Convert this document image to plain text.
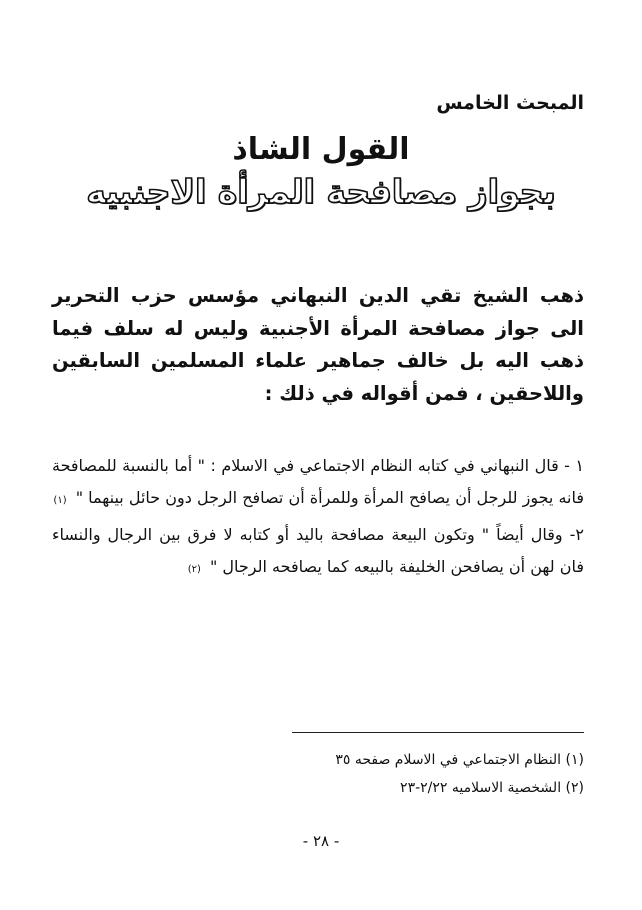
المبحث الخامس

القول الشاذ
بجواز مصافحة المرأة الاجنبيه

ذهب الشيخ تقي الدين النبهاني مؤسس حزب التحرير الى جواز مصافحة المرأة الأجنبية وليس له سلف فيما ذهب اليه بل خالف جماهير علماء المسلمين السابقين واللاحقين ، فمن أقواله في ذلك :

١ - قال النبهاني في كتابه النظام الاجتماعي في الاسلام : " أما بالنسبة للمصافحة فانه يجوز للرجل أن يصافح المرأة وللمرأة أن تصافح الرجل دون حائل بينهما " (١)
٢- وقال أيضاً " وتكون البيعة مصافحة باليد أو كتابه لا فرق بين الرجال والنساء فان لهن أن يصافحن الخليفة بالبيعه كما يصافحه الرجال " (٢)
(١) النظام الاجتماعي في الاسلام صفحه ٣٥
(٢) الشخصية الاسلاميه ٢/٢٢-٢٣

- ٢٨ -
